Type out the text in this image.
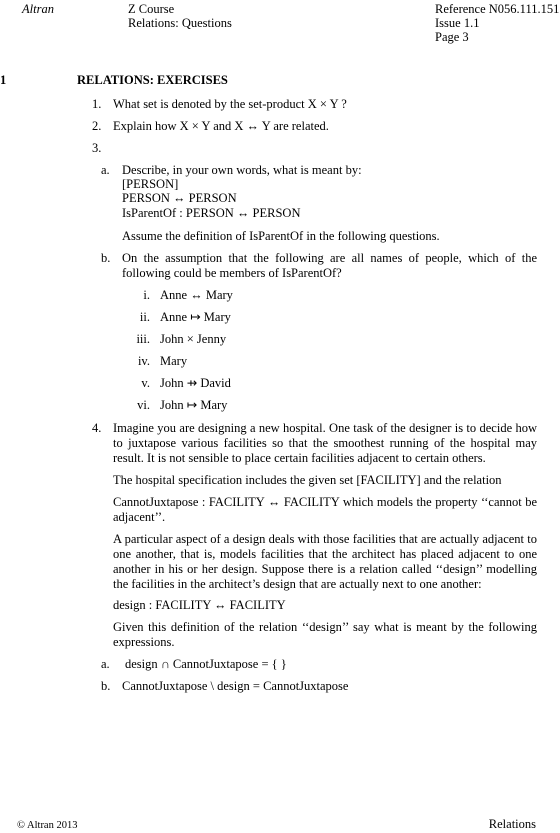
Altran	Z Course
Relations: Questions
Reference N056.111.151
Issue 1.1
Page 3
1	RELATIONS: EXERCISES
1. What set is denoted by the set-product X × Y ?
2. Explain how X × Y and X ↔ Y are related.
3.
a. Describe, in your own words, what is meant by:
[PERSON]
PERSON ↔ PERSON
IsParentOf : PERSON ↔ PERSON
Assume the definition of IsParentOf in the following questions.
b. On the assumption that the following are all names of people, which of the following could be members of IsParentOf?
i. Anne ↔ Mary
ii. Anne ↦ Mary
iii. John × Jenny
iv. Mary
v. John ⇸ David
vi. John ↦ Mary
4. Imagine you are designing a new hospital. One task of the designer is to decide how to juxtapose various facilities so that the smoothest running of the hospital may result. It is not sensible to place certain facilities adjacent to certain others.
The hospital specification includes the given set [FACILITY] and the relation
CannotJuxtapose : FACILITY ↔ FACILITY which models the property ‘‘cannot be adjacent’’.
A particular aspect of a design deals with those facilities that are actually adjacent to one another, that is, models facilities that the architect has placed adjacent to one another in his or her design. Suppose there is a relation called ‘‘design’’ modelling the facilities in the architect’s design that are actually next to one another:
design : FACILITY ↔ FACILITY
Given this definition of the relation ‘‘design’’ say what is meant by the following expressions.
a. design ∩ CannotJuxtapose = { }
b. CannotJuxtapose \ design = CannotJuxtapose
© Altran 2013	Relations
